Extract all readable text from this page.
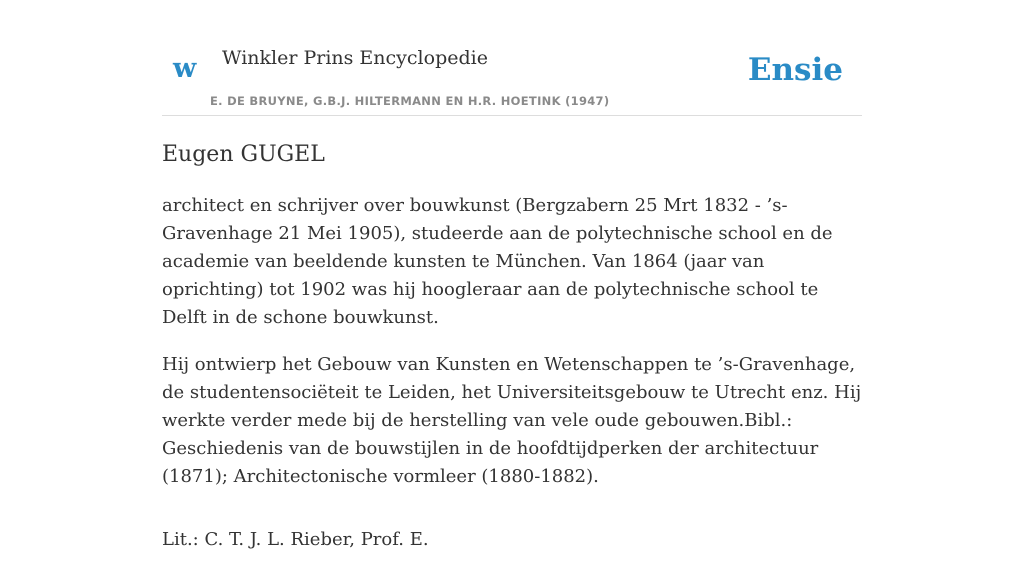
w Winkler Prins Encyclopedie
E. DE BRUYNE, G.B.J. HILTERMANN EN H.R. HOETINK (1947)
Ensie
Eugen GUGEL

architect en schrijver over bouwkunst (Bergzabern 25 Mrt 1832 - ’s-Gravenhage 21 Mei 1905), studeerde aan de polytechnische school en de academie van beeldende kunsten te München. Van 1864 (jaar van oprichting) tot 1902 was hij hoogleraar aan de polytechnische school te Delft in de schone bouwkunst.

Hij ontwierp het Gebouw van Kunsten en Wetenschappen te ’s-Gravenhage, de studentensociëteit te Leiden, het Universiteitsgebouw te Utrecht enz. Hij werkte verder mede bij de herstelling van vele oude gebouwen.Bibl.: Geschiedenis van de bouwstijlen in de hoofdtijdperken der architectuur (1871); Architectonische vormleer (1880-1882).

Lit.: C. T. J. L. Rieber, Prof. E.
